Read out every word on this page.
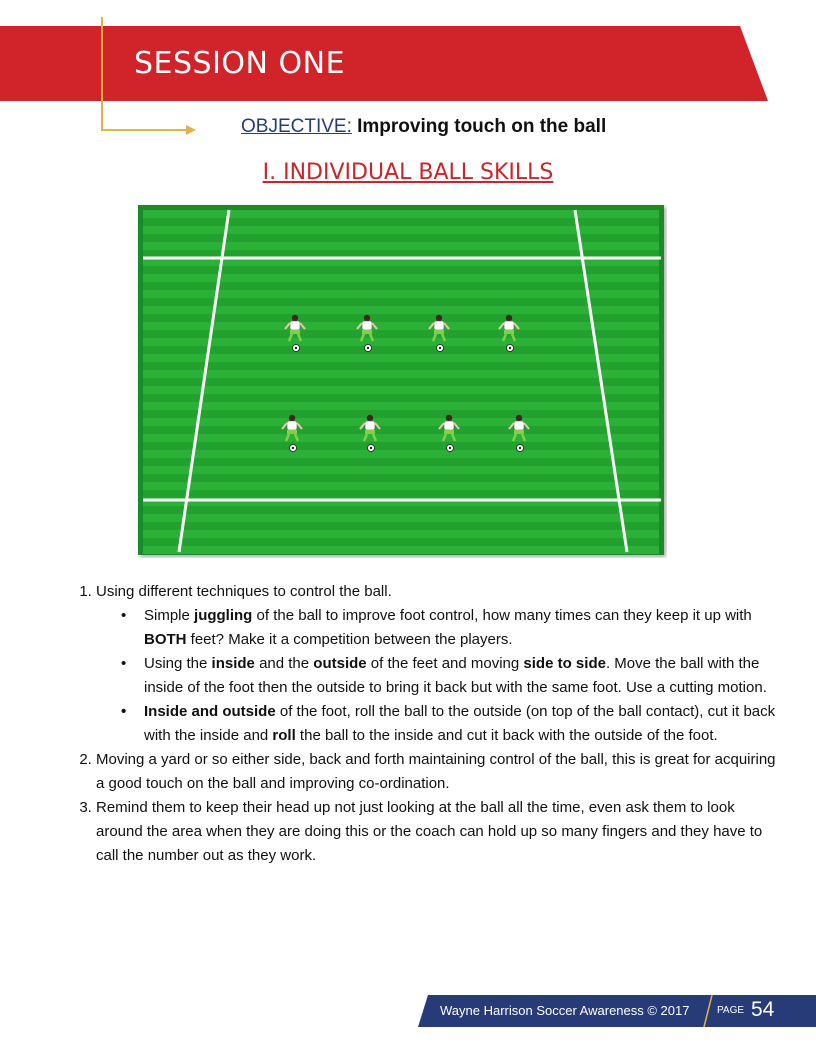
SESSION ONE
OBJECTIVE: Improving touch on the ball
I. INDIVIDUAL BALL SKILLS
1. Using different techniques to control the ball.
• Simple juggling of the ball to improve foot control, how many times can they keep it up with BOTH feet? Make it a competition between the players.
• Using the inside and the outside of the feet and moving side to side. Move the ball with the inside of the foot then the outside to bring it back but with the same foot. Use a cutting motion.
• Inside and outside of the foot, roll the ball to the outside (on top of the ball contact), cut it back with the inside and roll the ball to the inside and cut it back with the outside of the foot.
2. Moving a yard or so either side, back and forth maintaining control of the ball, this is great for acquiring a good touch on the ball and improving co-ordination.
3. Remind them to keep their head up not just looking at the ball all the time, even ask them to look around the area when they are doing this or the coach can hold up so many fingers and they have to call the number out as they work.
Wayne Harrison Soccer Awareness © 2017	PAGE 54
